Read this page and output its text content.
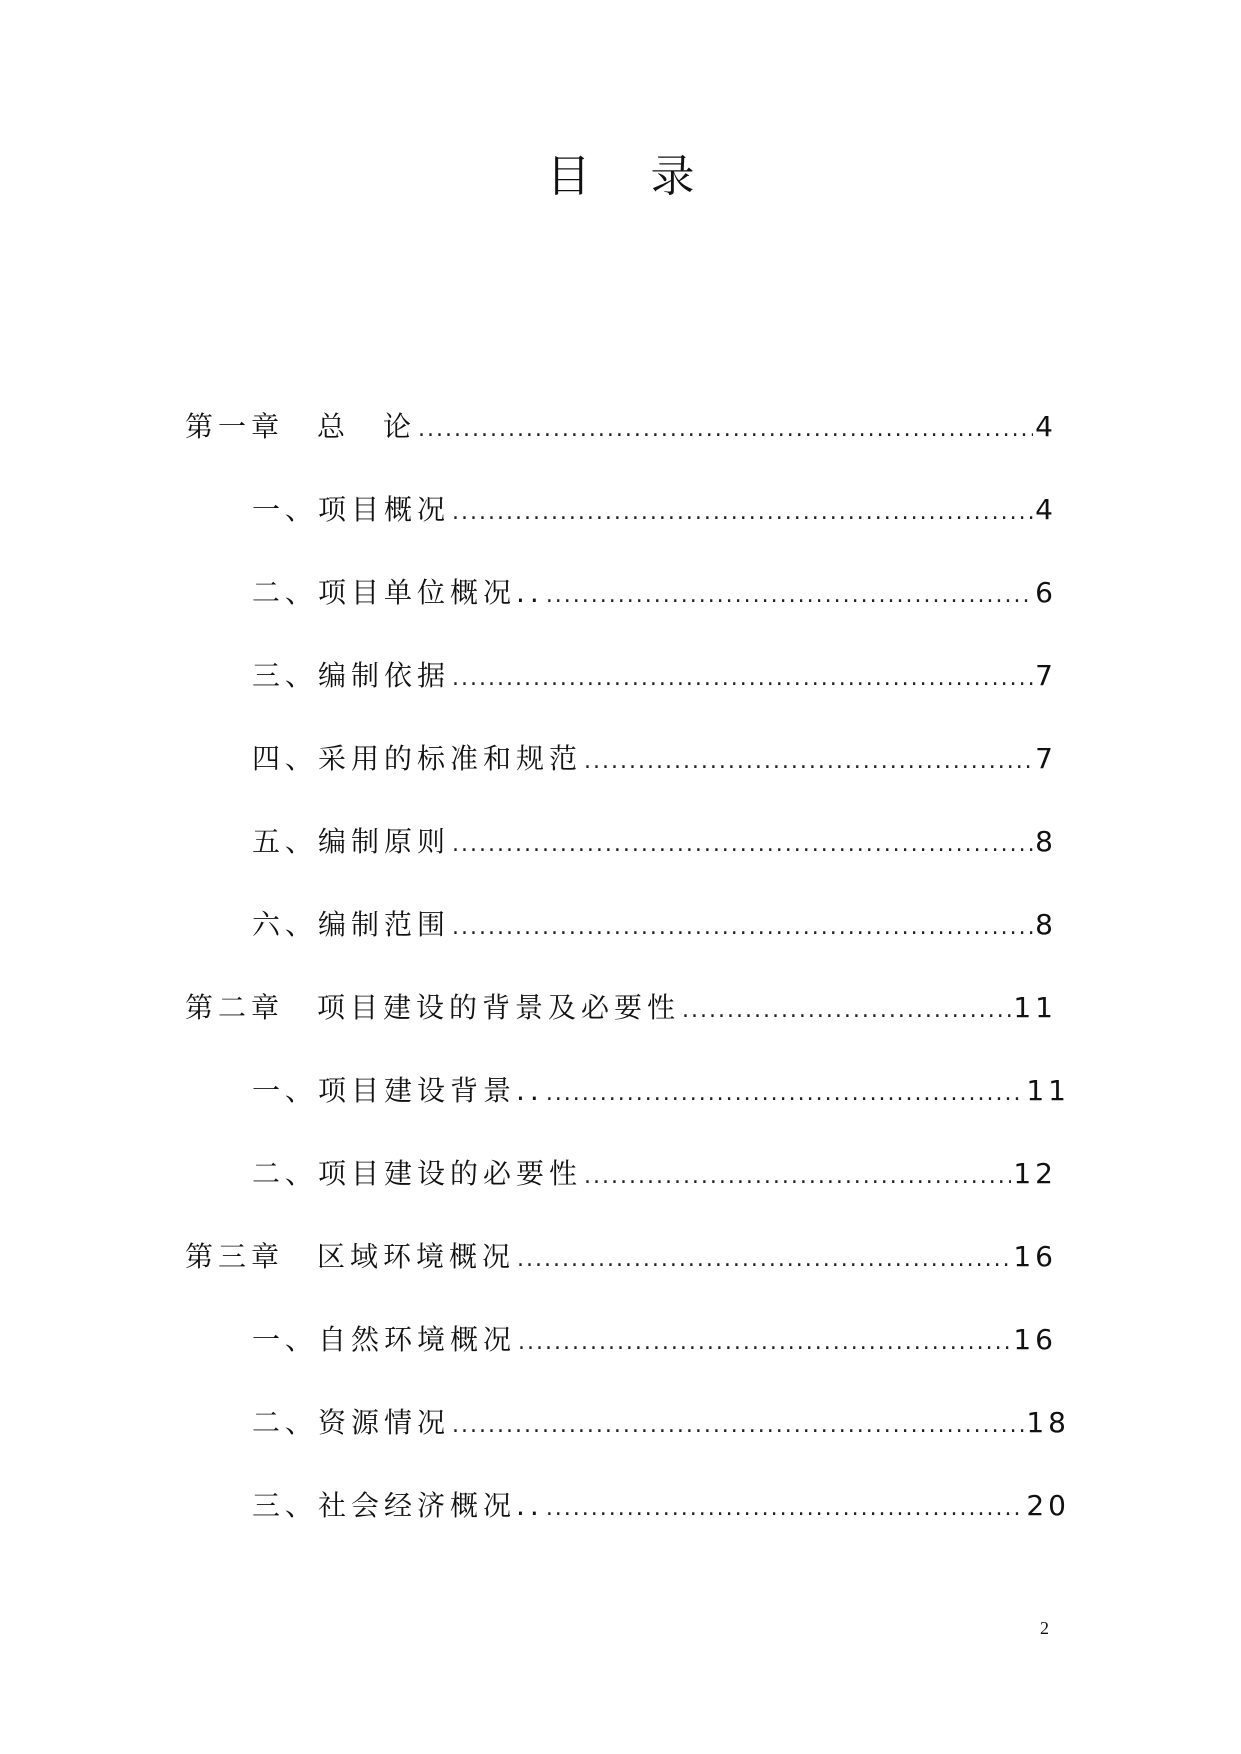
目 录
第一章　总　论 .....	4
一、项目概况 .....	4
二、项目单位概况.. .....	6
三、编制依据 .....	7
四、采用的标准和规范 .....	7
五、编制原则 .....	8
六、编制范围 .....	8
第二章　项目建设的背景及必要性 .....	11
一、项目建设背景.. .....	11
二、项目建设的必要性 .....	12
第三章　区域环境概况 .....	16
一、自然环境概况 .....	16
二、资源情况 .....	18
三、社会经济概况.. .....	20
2
